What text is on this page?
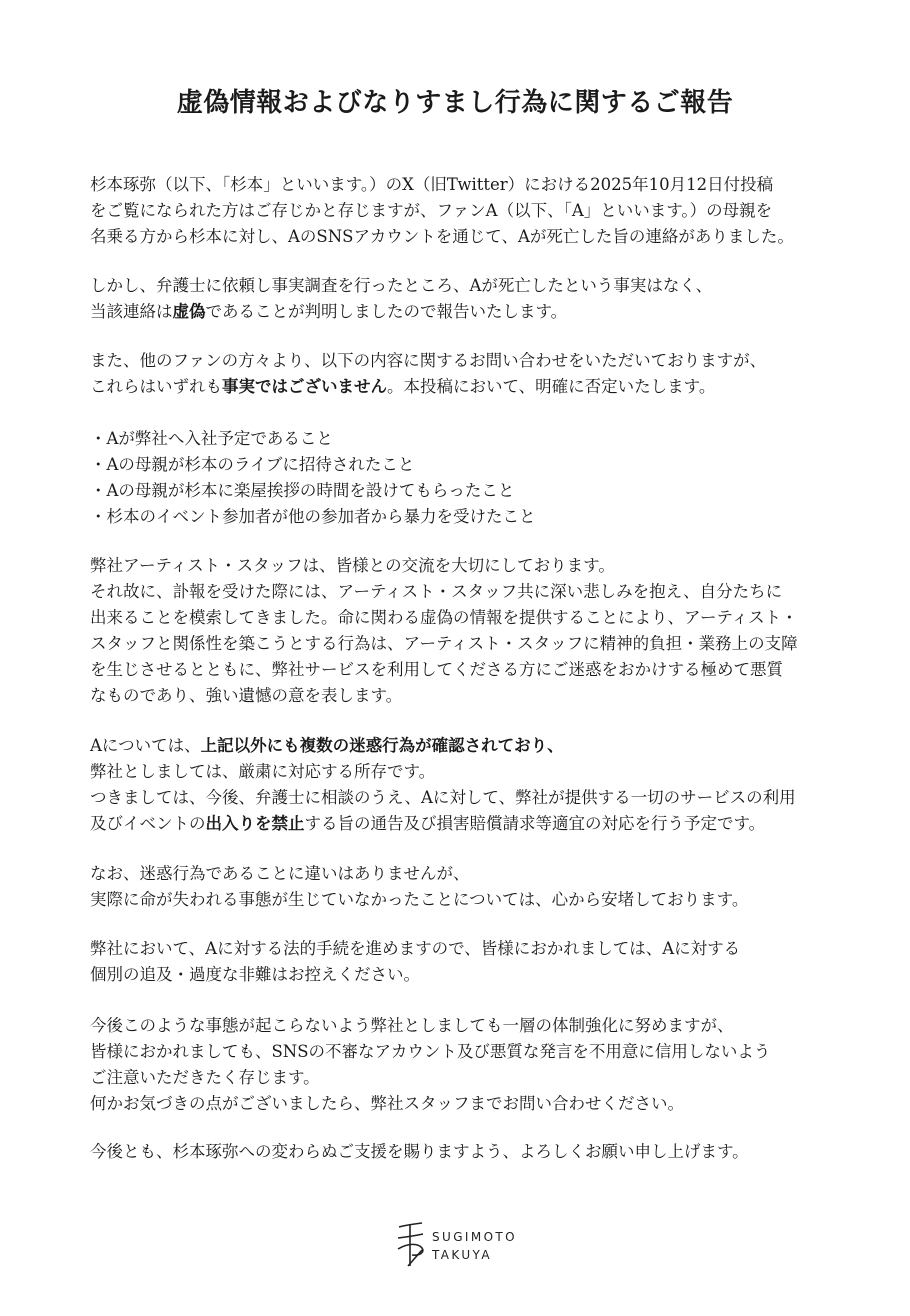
虚偽情報およびなりすまし行為に関するご報告
杉本琢弥（以下、「杉本」といいます。）のX（旧Twitter）における2025年10月12日付投稿
をご覧になられた方はご存じかと存じますが、ファンA（以下、「A」といいます。）の母親を
名乗る方から杉本に対し、AのSNSアカウントを通じて、Aが死亡した旨の連絡がありました。
しかし、弁護士に依頼し事実調査を行ったところ、Aが死亡したという事実はなく、
当該連絡は虚偽であることが判明しましたので報告いたします。
また、他のファンの方々より、以下の内容に関するお問い合わせをいただいておりますが、
これらはいずれも事実ではございません。本投稿において、明確に否定いたします。
・Aが弊社へ入社予定であること
・Aの母親が杉本のライブに招待されたこと
・Aの母親が杉本に楽屋挨拶の時間を設けてもらったこと
・杉本のイベント参加者が他の参加者から暴力を受けたこと
弊社アーティスト・スタッフは、皆様との交流を大切にしております。
それ故に、訃報を受けた際には、アーティスト・スタッフ共に深い悲しみを抱え、自分たちに
出来ることを模索してきました。命に関わる虚偽の情報を提供することにより、アーティスト・
スタッフと関係性を築こうとする行為は、アーティスト・スタッフに精神的負担・業務上の支障
を生じさせるとともに、弊社サービスを利用してくださる方にご迷惑をおかけする極めて悪質
なものであり、強い遺憾の意を表します。
Aについては、上記以外にも複数の迷惑行為が確認されており、
弊社としましては、厳粛に対応する所存です。
つきましては、今後、弁護士に相談のうえ、Aに対して、弊社が提供する一切のサービスの利用
及びイベントの出入りを禁止する旨の通告及び損害賠償請求等適宜の対応を行う予定です。
なお、迷惑行為であることに違いはありませんが、
実際に命が失われる事態が生じていなかったことについては、心から安堵しております。
弊社において、Aに対する法的手続を進めますので、皆様におかれましては、Aに対する
個別の追及・過度な非難はお控えください。
今後このような事態が起こらないよう弊社としましても一層の体制強化に努めますが、
皆様におかれましても、SNSの不審なアカウント及び悪質な発言を不用意に信用しないよう
ご注意いただきたく存じます。
何かお気づきの点がございましたら、弊社スタッフまでお問い合わせください。
今後とも、杉本琢弥への変わらぬご支援を賜りますよう、よろしくお願い申し上げます。
SUGIMOTO
TAKUYA
